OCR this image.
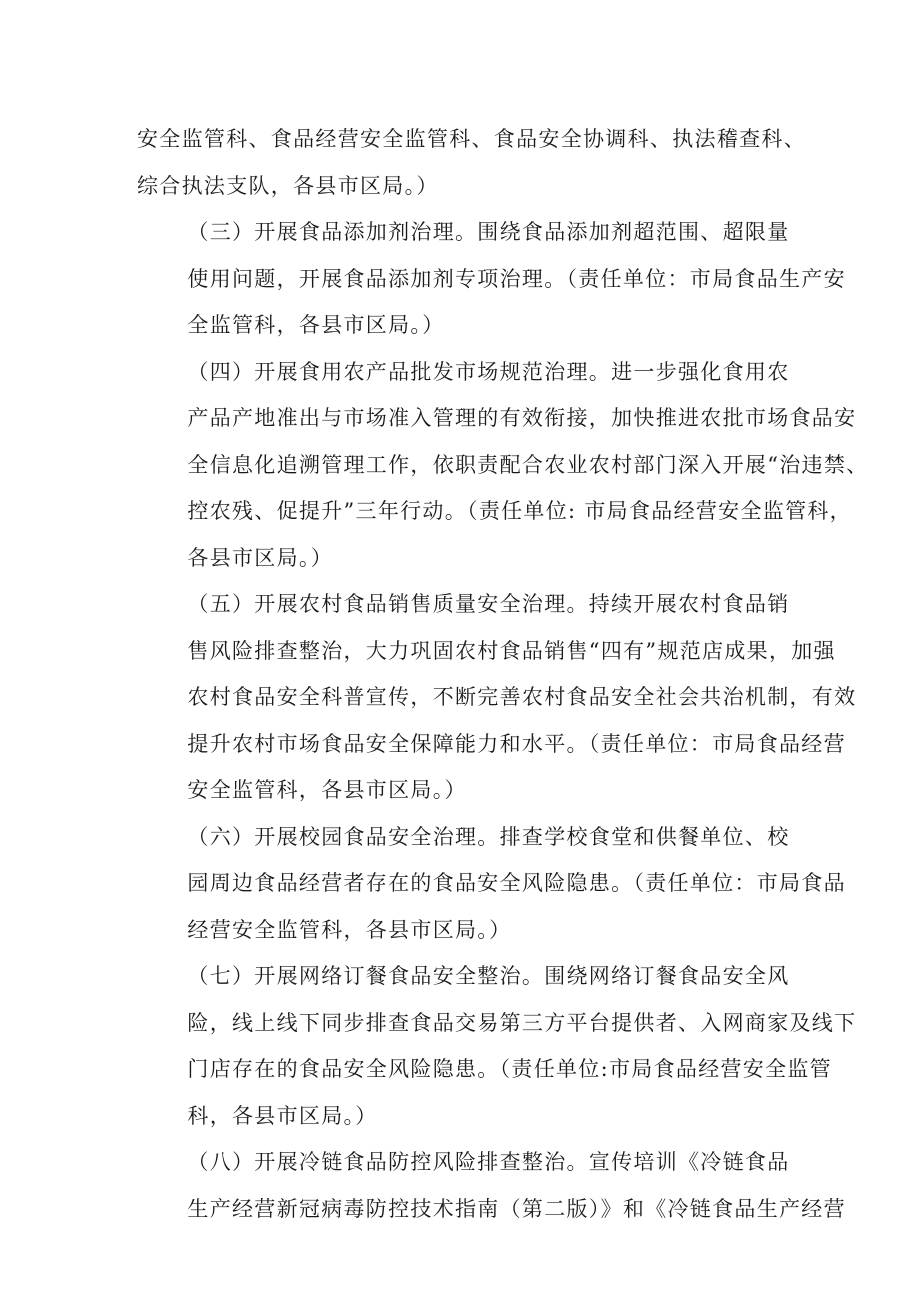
安全监管科、食品经营安全监管科、食品安全协调科、执法稽查科、
综合执法支队，各县市区局。）

（三）开展食品添加剂治理。围绕食品添加剂超范围、超限量
使用问题，开展食品添加剂专项治理。（责任单位：市局食品生产安
全监管科，各县市区局。）

（四）开展食用农产品批发市场规范治理。进一步强化食用农
产品产地准出与市场准入管理的有效衔接，加快推进农批市场食品安
全信息化追溯管理工作，依职责配合农业农村部门深入开展“治违禁、
控农残、促提升”三年行动。（责任单位: 市局食品经营安全监管科，
各县市区局。）

（五）开展农村食品销售质量安全治理。持续开展农村食品销
售风险排查整治，大力巩固农村食品销售“四有”规范店成果，加强
农村食品安全科普宣传，不断完善农村食品安全社会共治机制，有效
提升农村市场食品安全保障能力和水平。（责任单位：市局食品经营
安全监管科，各县市区局。）

（六）开展校园食品安全治理。排查学校食堂和供餐单位、校
园周边食品经营者存在的食品安全风险隐患。（责任单位：市局食品
经营安全监管科，各县市区局。）

（七）开展网络订餐食品安全整治。围绕网络订餐食品安全风
险，线上线下同步排查食品交易第三方平台提供者、入网商家及线下
门店存在的食品安全风险隐患。（责任单位:市局食品经营安全监管
科，各县市区局。）

（八）开展冷链食品防控风险排查整治。宣传培训《冷链食品
生产经营新冠病毒防控技术指南（第二版）》和《冷链食品生产经营
